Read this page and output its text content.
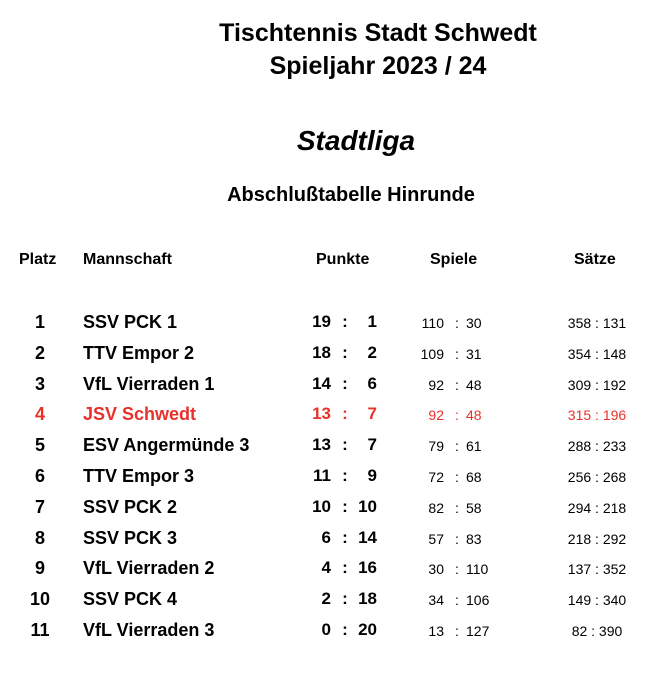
Tischtennis Stadt Schwedt
Spieljahr 2023 / 24
Stadtliga
Abschlußtabelle Hinrunde
Platz Mannschaft	Punkte	Spiele	Sätze
1	SSV PCK 1	19 :	1	110 : 30	358 : 131
2	TTV Empor 2	18 :	2	109 : 31	354 : 148
3	VfL Vierraden 1	14 :	6	92 : 48	309 : 192
4	JSV Schwedt	13 :	7	92 : 48	315 : 196
5	ESV Angermünde 3	13 :	7	79 : 61	288 : 233
6	TTV Empor 3	11 :	9	72 : 68	256 : 268
7	SSV PCK 2	10 : 10	82 : 58	294 : 218
8	SSV PCK 3	6 : 14	57 : 83	218 : 292
9	VfL Vierraden 2	4 : 16	30 : 110	137 : 352
10	SSV PCK 4	2 : 18	34 : 106	149 : 340
11	VfL Vierraden 3	0 : 20	13 : 127	82 : 390
